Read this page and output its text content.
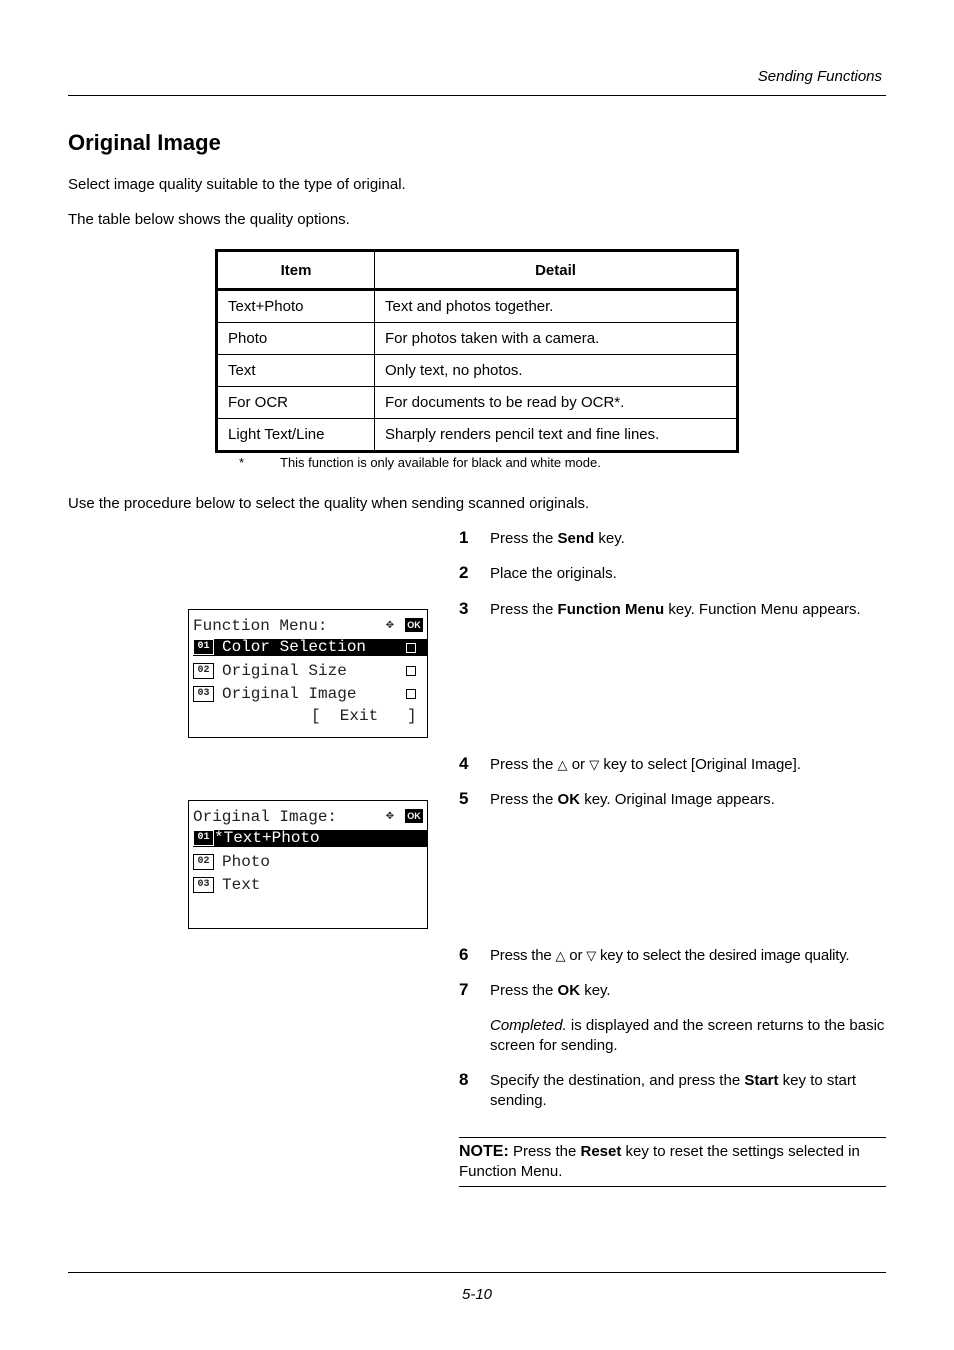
Sending Functions
Original Image
Select image quality suitable to the type of original.
The table below shows the quality options.
Item	Detail
Text+Photo	Text and photos together.
Photo	For photos taken with a camera.
Text	Only text, no photos.
For OCR	For documents to be read by OCR*.
Light Text/Line	Sharply renders pencil text and fine lines.
*	This function is only available for black and white mode.
Use the procedure below to select the quality when sending scanned originals.
1 Press the Send key.
2 Place the originals.
3 Press the Function Menu key. Function Menu appears.
Function Menu:	✥ OK
01 Color Selection
02 Original Size
03 Original Image
[  Exit   ]
4 Press the △ or ▽ key to select [Original Image].
5 Press the OK key. Original Image appears.
Original Image:	✥ OK
01 *Text+Photo
02 Photo
03 Text
6 Press the △ or ▽ key to select the desired image quality.
7 Press the OK key.
Completed. is displayed and the screen returns to the basic screen for sending.
8 Specify the destination, and press the Start key to start sending.
NOTE: Press the Reset key to reset the settings selected in Function Menu.
5-10
